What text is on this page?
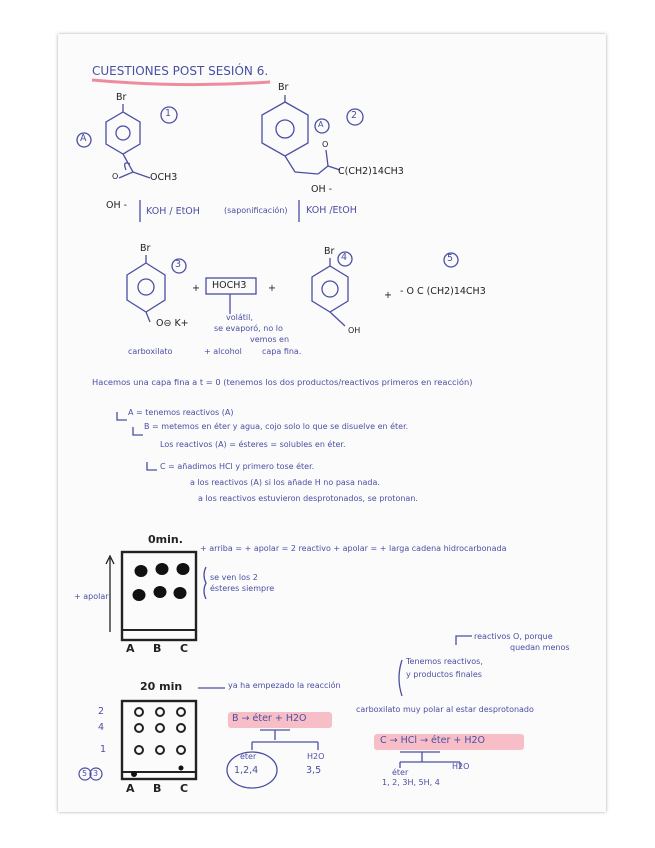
CUESTIONES POST SESIÓN 6.
Br
1
A
O	OCH3
OH -
KOH / EtOH	(saponificación)
Br
2
A
O
C(CH2)14CH3
OH -
KOH /EtOH
Br
3
O⊖ K+
+ HOCH3 +
Br
4
OH
+
5
- O C (CH2)14CH3
volátil,
se evaporó, no lo
vemos en
carboxilato	+ alcohol	capa fina.
Hacemos una capa fina a t = 0 (tenemos los dos productos/reactivos primeros en reacción)
A = tenemos reactivos (A)
B = metemos en éter y agua, cojo solo lo que se disuelve en éter.
Los reactivos (A) = ésteres = solubles en éter.
C = añadimos HCl y primero tose éter.
a los reactivos (A) si los añade H no pasa nada.
a los reactivos estuvieron desprotonados, se protonan.
0min.
+ arriba = + apolar = 2 reactivo + apolar = + larga cadena hidrocarbonada
se ven los 2
ésteres siempre
+ apolar
A B C
20 min	ya ha empezado la reacción
Tenemos reactivos,
y productos finales
reactivos O, porque
quedan menos
2
4
1
5 3
A B C
B → éter + H2O
éter	H2O
1,2,4	3,5
carboxilato muy polar al estar desprotonado
C → HCl → éter + H2O
éter
H2O
1, 2, 3H, 5H, 4
